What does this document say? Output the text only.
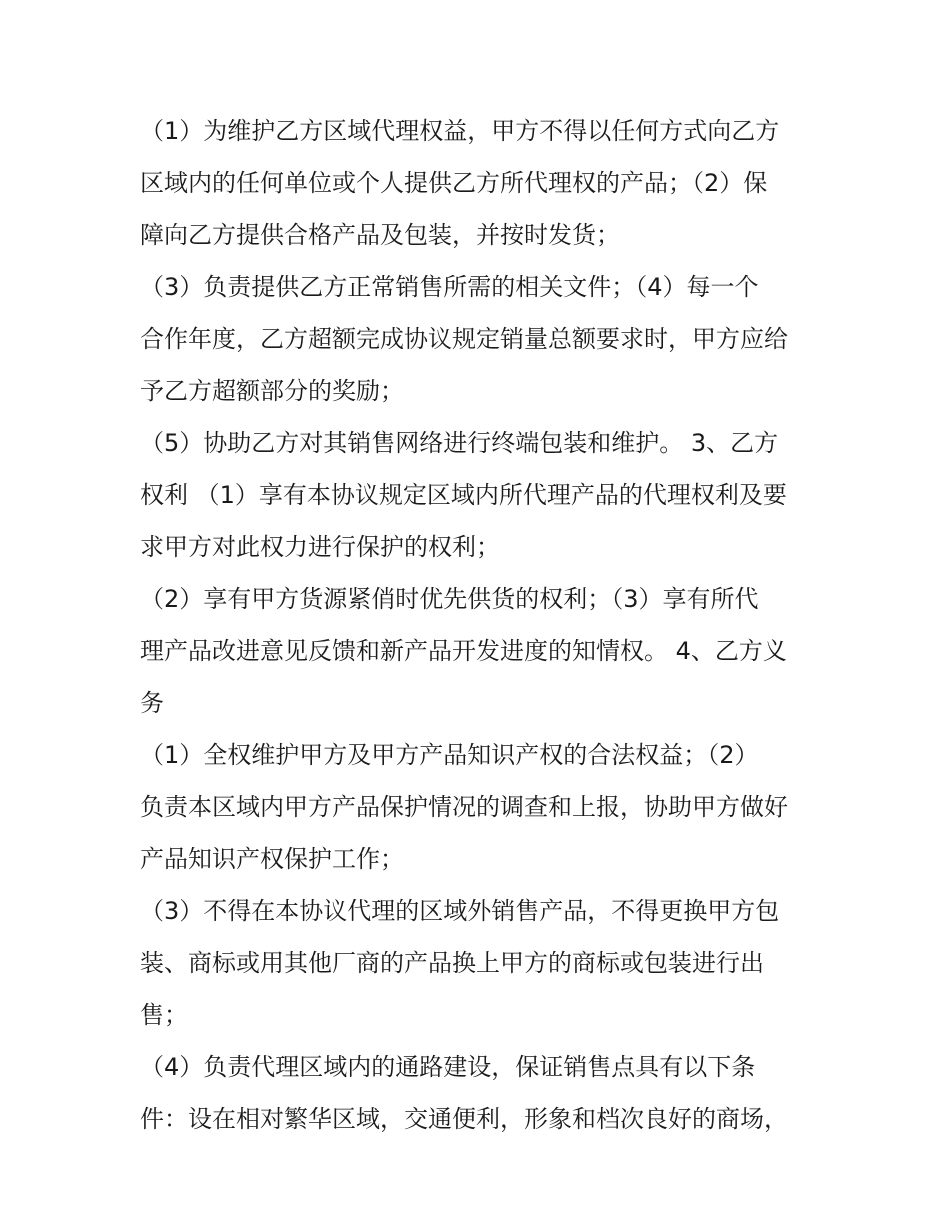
（1）为维护乙方区域代理权益，甲方不得以任何方式向乙方
区域内的任何单位或个人提供乙方所代理权的产品；（2）保
障向乙方提供合格产品及包装，并按时发货；
（3）负责提供乙方正常销售所需的相关文件；（4）每一个
合作年度，乙方超额完成协议规定销量总额要求时，甲方应给
予乙方超额部分的奖励；
（5）协助乙方对其销售网络进行终端包装和维护。 3、乙方
权利 （1）享有本协议规定区域内所代理产品的代理权利及要
求甲方对此权力进行保护的权利；
（2）享有甲方货源紧俏时优先供货的权利；（3）享有所代
理产品改进意见反馈和新产品开发进度的知情权。 4、乙方义
务
（1）全权维护甲方及甲方产品知识产权的合法权益；（2）
负责本区域内甲方产品保护情况的调查和上报，协助甲方做好
产品知识产权保护工作；
（3）不得在本协议代理的区域外销售产品，不得更换甲方包
装、商标或用其他厂商的产品换上甲方的商标或包装进行出
售；
（4）负责代理区域内的通路建设，保证销售点具有以下条
件：设在相对繁华区域，交通便利，形象和档次良好的商场，
